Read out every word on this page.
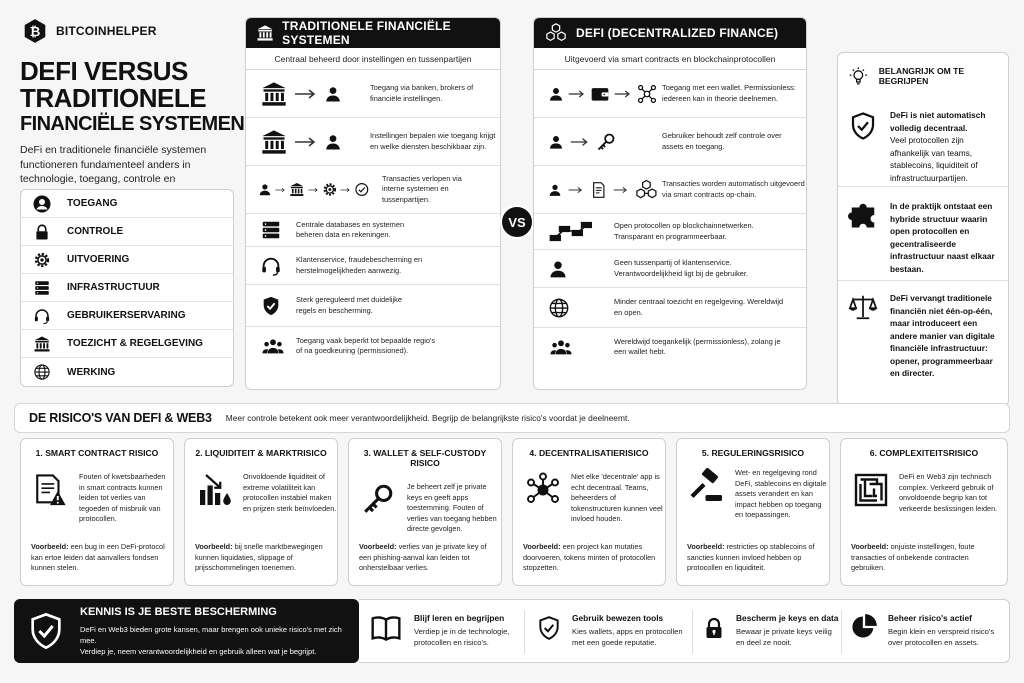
BITCOINHELPER
DEFI VERSUS
TRADITIONELE
FINANCIËLE SYSTEMEN
DeFi en traditionele financiële systemen functioneren fundamenteel anders in technologie, toegang, controle en
TOEGANG
CONTROLE
UITVOERING
INFRASTRUCTUUR
GEBRUIKERSERVARING
TOEZICHT & REGELGEVING
WERKING
TRADITIONELE FINANCIËLE SYSTEMEN
Centraal beheerd door instellingen en tussenpartijen
Toegang via banken, brokers of financiële instellingen.
Instellingen bepalen wie toegang krijgt en welke diensten beschikbaar zijn.
Transacties verlopen via interne systemen en tussenpartijen.
Centrale databases en systemen beheren data en rekeningen.
Klantenservice, fraudebescherming en herstelmogelijkheden aanwezig.
Sterk gereguleerd met duidelijke regels en bescherming.
Toegang vaak beperkt tot bepaalde regio's of na goedkeuring (permissioned).
VS
DEFI (DECENTRALIZED FINANCE)
Uitgevoerd via smart contracts en blockchainprotocollen
Toegang met een wallet. Permissionless: iedereen kan in theorie deelnemen.
Gebruiker behoudt zelf controle over assets en toegang.
Transacties worden automatisch uitgevoerd via smart contracts op-chain.
Open protocollen op blockchainnetwerken. Transparant en programmeerbaar.
Geen tussenpartij of klantenservice. Verantwoordelijkheid ligt bij de gebruiker.
Minder centraal toezicht en regelgeving. Wereldwijd en open.
Wereldwijd toegankelijk (permissionless), zolang je een wallet hebt.
BELANGRIJK OM TE BEGRIJPEN
DeFi is niet automatisch volledig decentraal.
Veel protocollen zijn afhankelijk van teams, stablecoins, liquiditeit of infrastructuurpartijen.
In de praktijk ontstaat een hybride structuur waarin open protocollen en gecentraliseerde infrastructuur naast elkaar bestaan.
DeFi vervangt traditionele financiën niet één-op-één, maar introduceert een andere manier van digitale financiële infrastructuur: opener, programmeerbaar en directer.
DE RISICO'S VAN DEFI & WEB3 Meer controle betekent ook meer verantwoordelijkheid. Begrijp de belangrijkste risico's voordat je deelneemt.
1. SMART CONTRACT RISICO
Fouten of kwetsbaarheden in smart contracts kunnen leiden tot verlies van tegoeden of misbruik van protocollen.
Voorbeeld: een bug in een DeFi-protocol kan ertoe leiden dat aanvallers fondsen kunnen stelen.
2. LIQUIDITEIT & MARKTRISICO
Onvoldoende liquiditeit of extreme volatiliteit kan protocollen instabiel maken en prijzen sterk beïnvloeden.
Voorbeeld: bij snelle marktbewegingen kunnen liquidaties, slippage of prijsschommelingen toenemen.
3. WALLET & SELF-CUSTODY RISICO
Je beheert zelf je private keys en geeft apps toestemming. Fouten of verlies van toegang hebben directe gevolgen.
Voorbeeld: verlies van je private key of een phishing-aanval kan leiden tot onherstelbaar verlies.
4. DECENTRALISATIERISICO
Niet elke 'decentrale' app is echt decentraal. Teams, beheerders of tokenstructuren kunnen veel invloed houden.
Voorbeeld: een project kan mutaties doorvoeren, tokens minten of protocollen stopzetten.
5. REGULERINGSRISICO
Wet- en regelgeving rond DeFi, stablecoins en digitale assets verandert en kan impact hebben op toegang en toepassingen.
Voorbeeld: restricties op stablecoins of sancties kunnen invloed hebben op protocollen en liquiditeit.
6. COMPLEXITEITSRISICO
DeFi en Web3 zijn technisch complex. Verkeerd gebruik of onvoldoende begrip kan tot verkeerde beslissingen leiden.
Voorbeeld: onjuiste instellingen, foute transacties of onbekende contracten gebruiken.
KENNIS IS JE BESTE BESCHERMING
DeFi en Web3 bieden grote kansen, maar brengen ook unieke risico's met zich mee.
Verdiep je, neem verantwoordelijkheid en gebruik alleen wat je begrijpt.
Blijf leren en begrijpen
Verdiep je in de technologie, protocollen en risico's.
Gebruik bewezen tools
Kies wallets, apps en protocollen met een goede reputatie.
Bescherm je keys en data
Bewaar je private keys veilig en deel ze nooit.
Beheer risico's actief
Begin klein en verspreid risico's over protocollen en assets.
